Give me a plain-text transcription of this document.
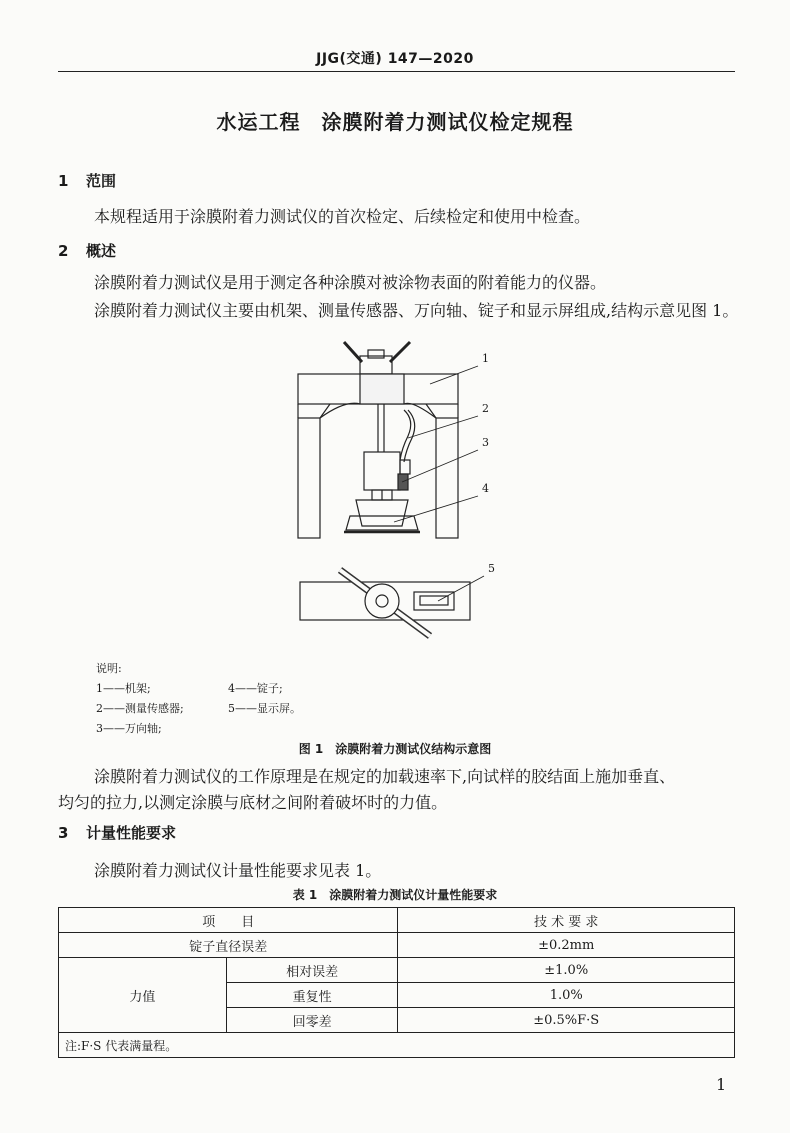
JJG(交通) 147—2020
水运工程　涂膜附着力测试仪检定规程
1 范围
本规程适用于涂膜附着力测试仪的首次检定、后续检定和使用中检查。
2 概述
涂膜附着力测试仪是用于测定各种涂膜对被涂物表面的附着能力的仪器。
涂膜附着力测试仪主要由机架、测量传感器、万向轴、锭子和显示屏组成,结构示意见图 1。
1
2
3
4
5
说明:
1——机架;	4——锭子;
2——测量传感器;	5——显示屏。
3——万向轴;
图 1　涂膜附着力测试仪结构示意图
涂膜附着力测试仪的工作原理是在规定的加载速率下,向试样的胶结面上施加垂直、
均匀的拉力,以测定涂膜与底材之间附着破坏时的力值。
3 计量性能要求
涂膜附着力测试仪计量性能要求见表 1。
表 1　涂膜附着力测试仪计量性能要求
项　　目		技 术 要 求
锭子直径误差		±0.2mm
力值	相对误差	±1.0%
	重复性	1.0%
	回零差	±0.5%F·S
注:F·S 代表满量程。		
1
